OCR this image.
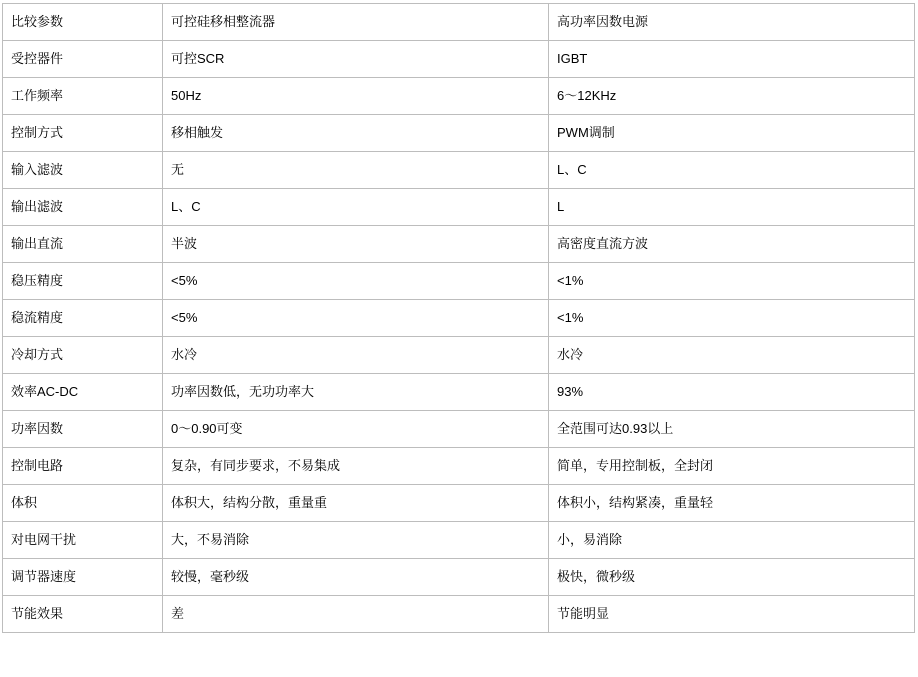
比较参数	可控硅移相整流器	高功率因数电源
受控器件	可控SCR	IGBT
工作频率	50Hz	6～12KHz
控制方式	移相触发	PWM调制
输入滤波	无	L、C
输出滤波	L、C	L
输出直流	半波	高密度直流方波
稳压精度	<5%	<1%
稳流精度	<5%	<1%
冷却方式	水冷	水冷
效率AC-DC	功率因数低，无功功率大	93%
功率因数	0～0.90可变	全范围可达0.93以上
控制电路	复杂，有同步要求，不易集成	简单，专用控制板，全封闭
体积	体积大，结构分散，重量重	体积小，结构紧凑，重量轻
对电网干扰	大，不易消除	小，易消除
调节器速度	较慢，毫秒级	极快，微秒级
节能效果	差	节能明显
